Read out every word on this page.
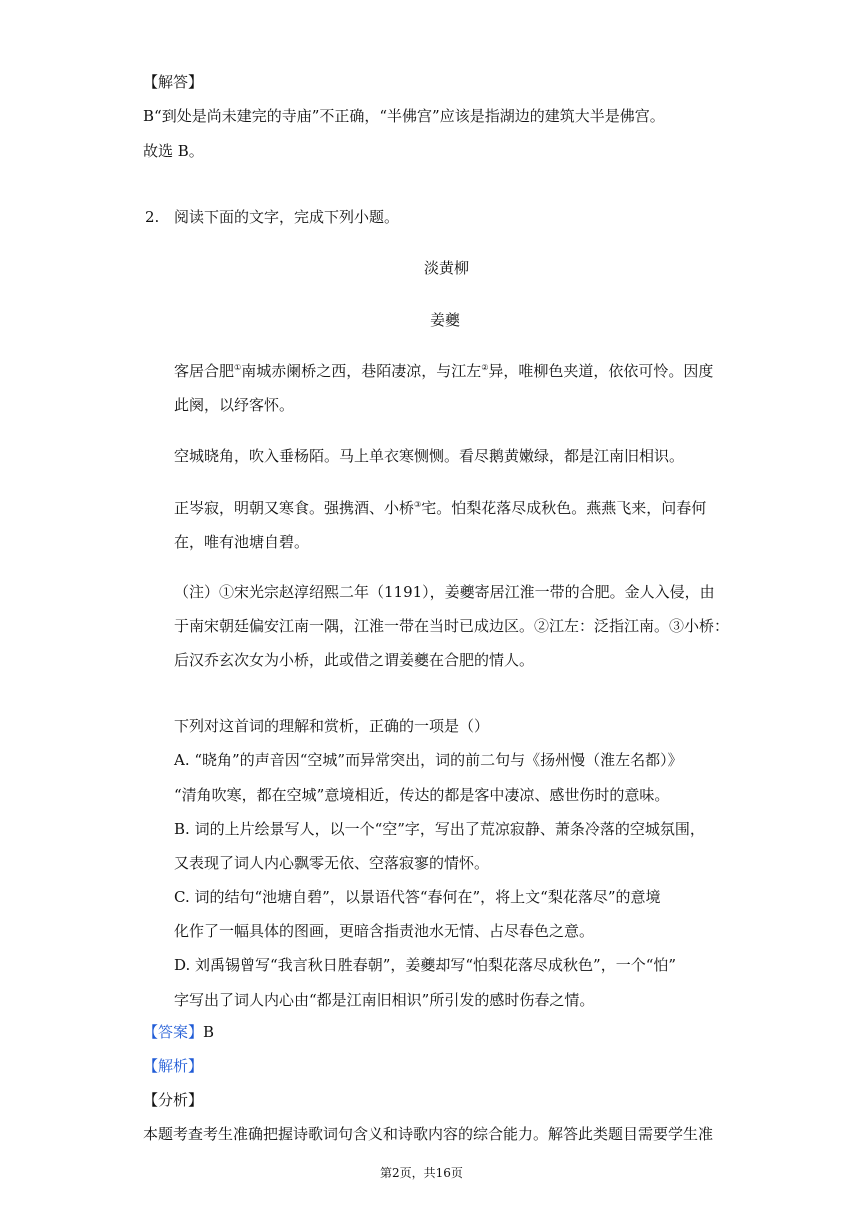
【解答】
B“到处是尚未建完的寺庙”不正确，“半佛宫”应该是指湖边的建筑大半是佛宫。
故选 B。
2. 阅读下面的文字，完成下列小题。
淡黄柳
姜夔
客居合肥①南城赤阑桥之西，巷陌凄凉，与江左②异，唯柳色夹道，依依可怜。因度
此阕，以纾客怀。
空城晓角，吹入垂杨陌。马上单衣寒恻恻。看尽鹅黄嫩绿，都是江南旧相识。
正岑寂，明朝又寒食。强携酒、小桥③宅。怕梨花落尽成秋色。燕燕飞来，问春何
在，唯有池塘自碧。
（注）①宋光宗赵淳绍熙二年（1191），姜夔寄居江淮一带的合肥。金人入侵，由
于南宋朝廷偏安江南一隅，江淮一带在当时已成边区。②江左：泛指江南。③小桥：
后汉乔玄次女为小桥，此或借之谓姜夔在合肥的情人。
下列对这首词的理解和赏析，正确的一项是（）
A. “晓角”的声音因“空城”而异常突出，词的前二句与《扬州慢（淮左名都）》
“清角吹寒，都在空城”意境相近，传达的都是客中凄凉、感世伤时的意味。
B. 词的上片绘景写人，以一个“空”字，写出了荒凉寂静、萧条冷落的空城氛围，
又表现了词人内心飘零无依、空落寂寥的情怀。
C. 词的结句“池塘自碧”，以景语代答“春何在”，将上文“梨花落尽”的意境
化作了一幅具体的图画，更暗含指责池水无情、占尽春色之意。
D. 刘禹锡曾写“我言秋日胜春朝”，姜夔却写“怕梨花落尽成秋色”，一个“怕”
字写出了词人内心由“都是江南旧相识”所引发的感时伤春之情。
【答案】B
【解析】
【分析】
本题考查考生准确把握诗歌词句含义和诗歌内容的综合能力。解答此类题目需要学生准
第2页，共16页
